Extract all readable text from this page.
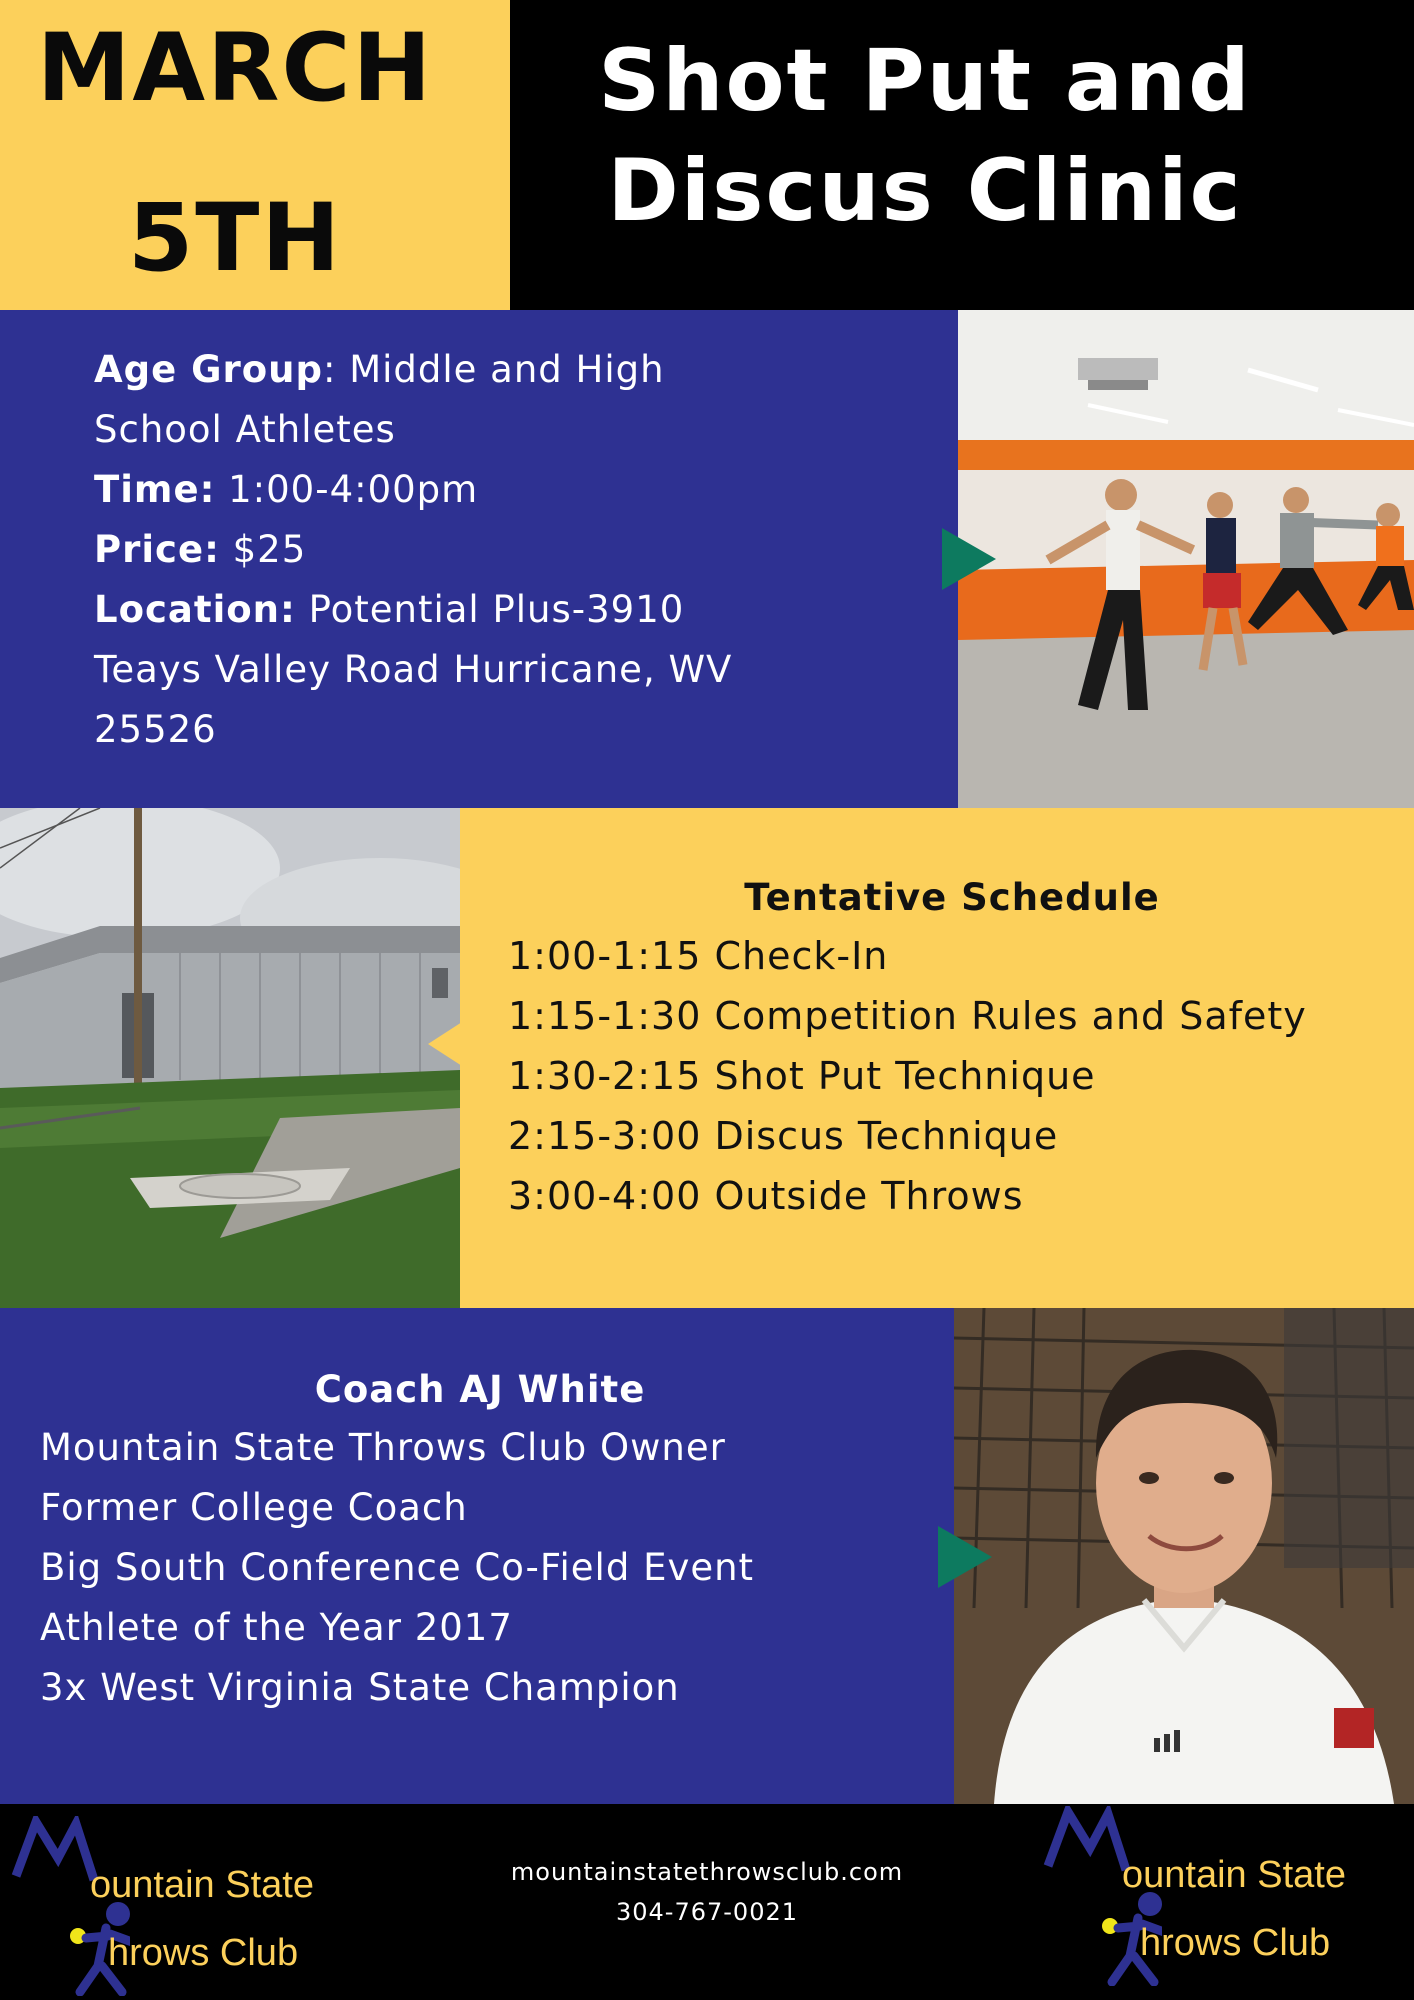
MARCH
5TH
Shot Put and
Discus Clinic
Age Group: Middle and High
School Athletes
Time: 1:00-4:00pm
Price: $25
Location: Potential Plus-3910
Teays Valley Road Hurricane, WV
25526
Tentative Schedule
1:00-1:15 Check-In
1:15-1:30 Competition Rules and Safety
1:30-2:15 Shot Put Technique
2:15-3:00 Discus Technique
3:00-4:00 Outside Throws
Coach AJ White
Mountain State Throws Club Owner
Former College Coach
Big South Conference Co-Field Event
Athlete of the Year 2017
3x West Virginia State Champion
ountain State
hrows Club
mountainstatethrowsclub.com
304-767-0021
ountain State
hrows Club
